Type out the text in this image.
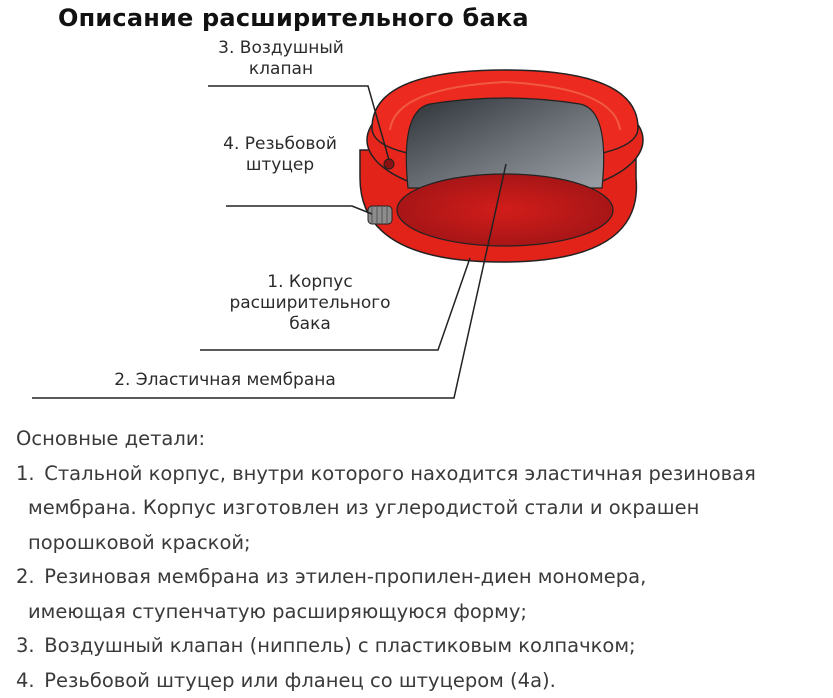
Описание расширительного бака
3. Воздушный
клапан
4. Резьбовой
штуцер
1. Корпус
расширительного
бака
2. Эластичная мембрана
Основные детали:
1. Стальной корпус, внутри которого находится эластичная резиновая
мембрана. Корпус изготовлен из углеродистой стали и окрашен
порошковой краской;
2. Резиновая мембрана из этилен-пропилен-диен мономера,
имеющая ступенчатую расширяющуюся форму;
3. Воздушный клапан (ниппель) с пластиковым колпачком;
4. Резьбовой штуцер или фланец со штуцером (4а).
